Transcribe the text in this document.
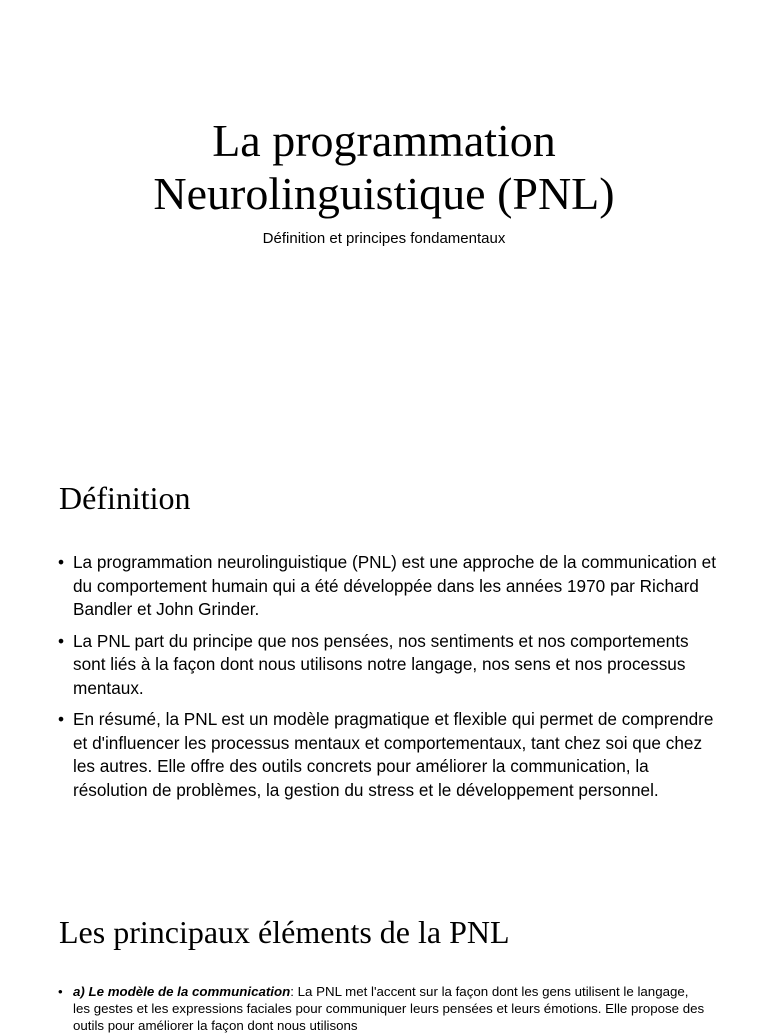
La programmation
Neurolinguistique (PNL)

Définition et principes fondamentaux

Définition
• La programmation neurolinguistique (PNL) est une approche de la communication et du comportement humain qui a été développée dans les années 1970 par Richard Bandler et John Grinder.
• La PNL part du principe que nos pensées, nos sentiments et nos comportements sont liés à la façon dont nous utilisons notre langage, nos sens et nos processus mentaux.
• En résumé, la PNL est un modèle pragmatique et flexible qui permet de comprendre et d'influencer les processus mentaux et comportementaux, tant chez soi que chez les autres. Elle offre des outils concrets pour améliorer la communication, la résolution de problèmes, la gestion du stress et le développement personnel.
Les principaux éléments de la PNL
• a) Le modèle de la communication: La PNL met l'accent sur la façon dont les gens utilisent le langage, les gestes et les expressions faciales pour communiquer leurs pensées et leurs émotions. Elle propose des outils pour améliorer la façon dont nous utilisons
